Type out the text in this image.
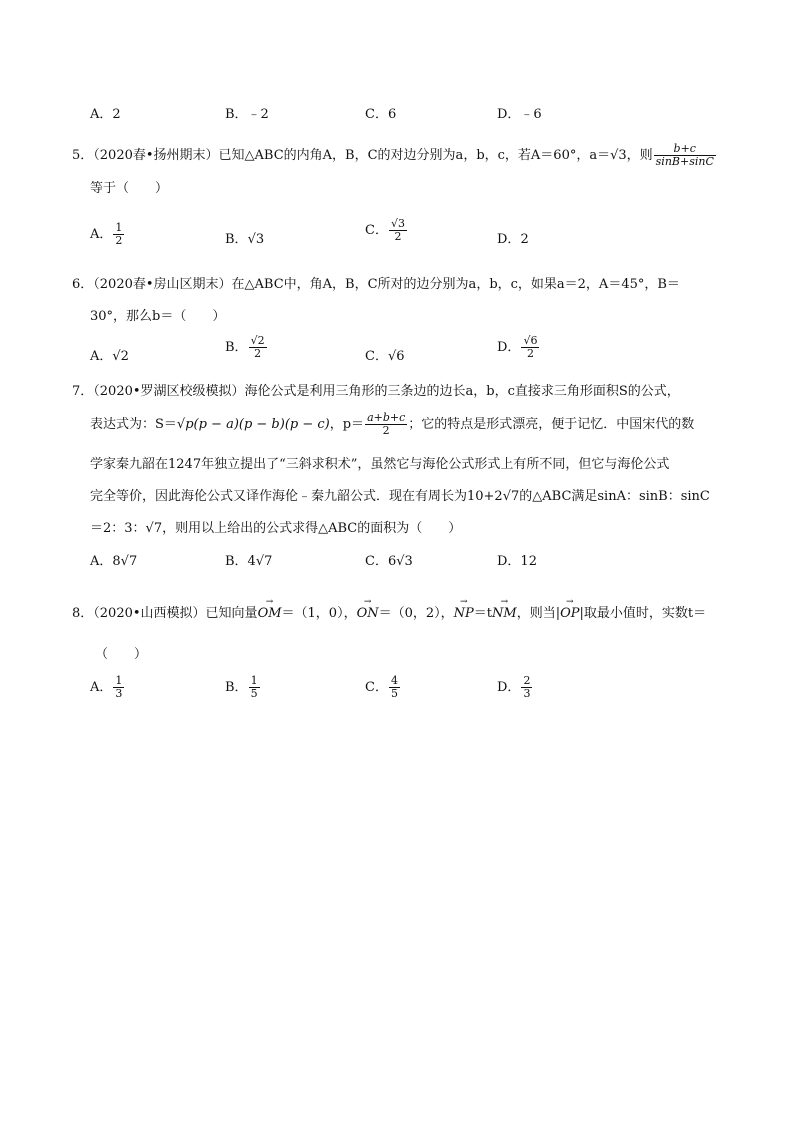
A．2	B．﹣2	C．6	D．﹣6
5．（2020春•扬州期末）已知△ABC的内角A，B，C的对边分别为a，b，c，若A＝60°，a＝√3，则 $\frac{b+c}{\sin B+\sin C}$
等于（　　）
A． $\frac{1}{2}$	B．√3
C． $\frac{√3}{2}$	D．2
6．（2020春•房山区期末）在△ABC中，角A，B，C所对的边分别为a，b，c，如果a＝2，A＝45°，B＝
30°，那么b＝（　　）
A．√2
B． $\frac{√2}{2}$	C．√6
D． $\frac{√6}{2}$
7．（2020•罗湖区校级模拟）海伦公式是利用三角形的三条边的边长a，b，c直接求三角形面积S的公式，
表达式为：S＝√p(p − a)(p − b)(p − c)，$p= \frac{a+b+c}{2}$ ；它的特点是形式漂亮，便于记忆．中国宋代的数
学家秦九韶在1247年独立提出了“三斜求积术”，虽然它与海伦公式形式上有所不同，但它与海伦公式
完全等价，因此海伦公式又译作海伦﹣秦九韶公式．现在有周长为10+2√7的△ABC满足sinA：sinB：sinC
＝2：3：√7，则用以上给出的公式求得△ABC的面积为（　　）
A．8√7	B．4√7	C．6√3	D．12
8．（2020•山西模拟）已知向量
→
OM＝（1，0），
→
ON＝（0，2），
→
NP＝t
→
NM，则当|
→
OP|取最小值时，实数t＝
（　　）
A． $\frac{1}{3}$	B． $\frac{1}{5}$	C． $\frac{4}{5}$	D． $\frac{2}{3}$
